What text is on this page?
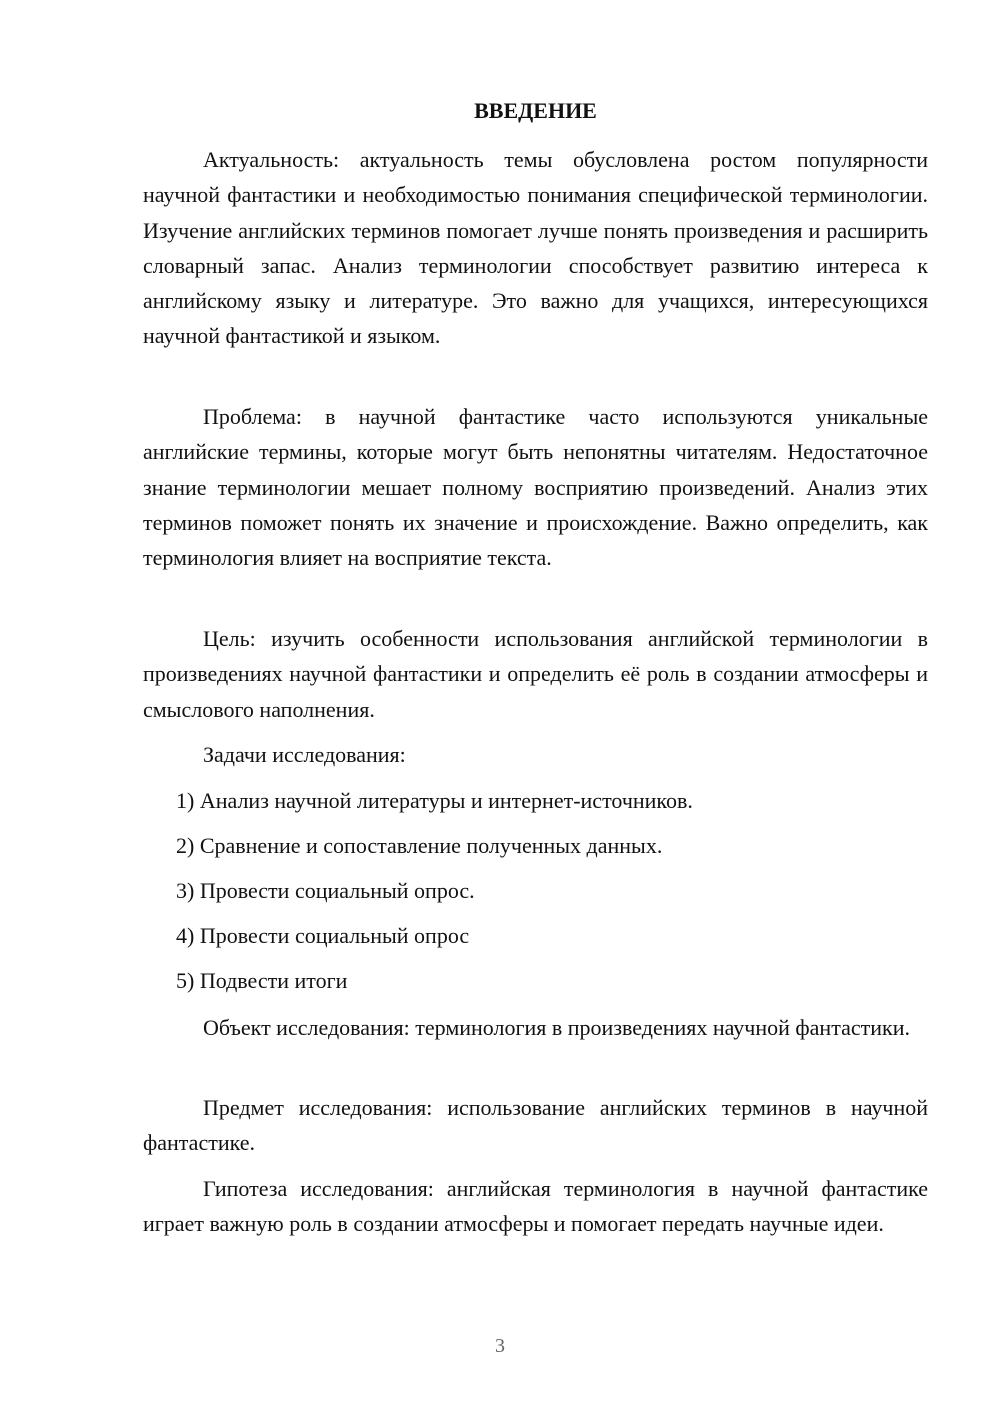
ВВЕДЕНИЕ

Актуальность: актуальность темы обусловлена ростом популярности научной фантастики и необходимостью понимания специфической терминологии. Изучение английских терминов помогает лучше понять произведения и расширить словарный запас. Анализ терминологии способствует развитию интереса к английскому языку и литературе. Это важно для учащихся, интересующихся научной фантастикой и языком.

Проблема: в научной фантастике часто используются уникальные английские термины, которые могут быть непонятны читателям. Недостаточное знание терминологии мешает полному восприятию произведений. Анализ этих терминов поможет понять их значение и происхождение. Важно определить, как терминология влияет на восприятие текста.

Цель: изучить особенности использования английской терминологии в произведениях научной фантастики и определить её роль в создании атмосферы и смыслового наполнения.

Задачи исследования:

1) Анализ научной литературы и интернет-источников.

2) Сравнение и сопоставление полученных данных.

3) Провести социальный опрос.

4) Провести социальный опрос

5) Подвести итоги

Объект исследования: терминология в произведениях научной фантастики.

Предмет исследования: использование английских терминов в научной фантастике.

Гипотеза исследования: английская терминология в научной фантастике играет важную роль в создании атмосферы и помогает передать научные идеи.

3
